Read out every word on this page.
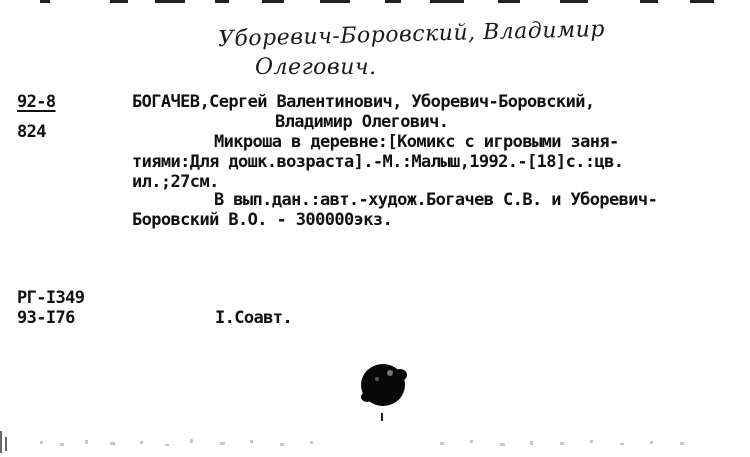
Уборевич-Боровский, Владимир
Олегович.
92-8
824
БОГАЧЕВ,Сергей Валентинович, Уборевич-Боровский,
Владимир Олегович.
Микроша в деревне:[Комикс с игровыми заня-
тиями:Для дошк.возраста].-М.:Малыш,1992.-[18]с.:цв.
ил.;27см.
В вып.дан.:авт.-худож.Богачев С.В. и Уборевич-
Боровский В.О. - 300000экз.
РГ-I349
93-I76	I.Соавт.
